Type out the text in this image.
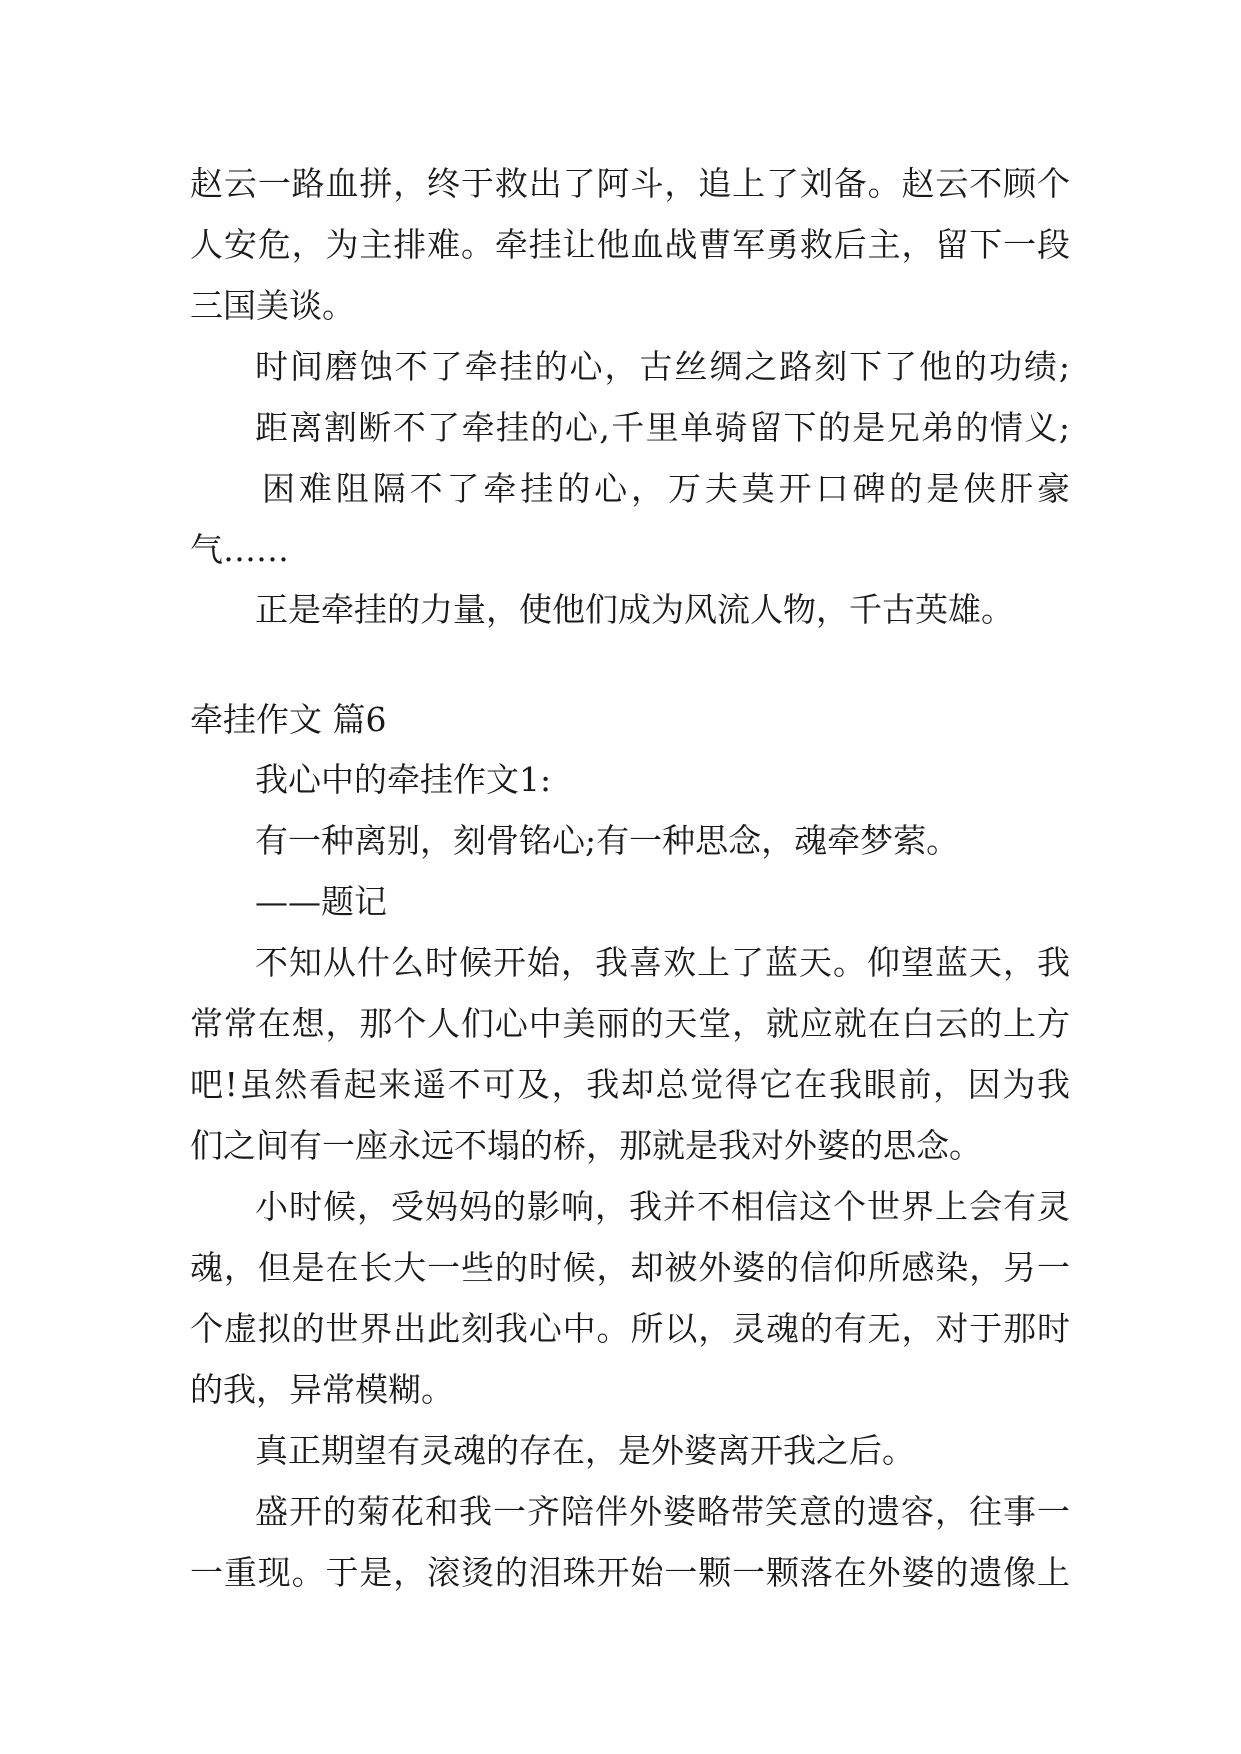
赵云一路血拼，终于救出了阿斗，追上了刘备。赵云不顾个
人安危，为主排难。牵挂让他血战曹军勇救后主，留下一段
三国美谈。
时间磨蚀不了牵挂的心，古丝绸之路刻下了他的功绩;
距离割断不了牵挂的心,千里单骑留下的是兄弟的情义;
困难阻隔不了牵挂的心，万夫莫开口碑的是侠肝豪
气……
正是牵挂的力量，使他们成为风流人物，千古英雄。
牵挂作文 篇6
我心中的牵挂作文1:
有一种离别，刻骨铭心;有一种思念，魂牵梦萦。
——题记
不知从什么时候开始，我喜欢上了蓝天。仰望蓝天，我
常常在想，那个人们心中美丽的天堂，就应就在白云的上方
吧!虽然看起来遥不可及，我却总觉得它在我眼前，因为我
们之间有一座永远不塌的桥，那就是我对外婆的思念。
小时候，受妈妈的影响，我并不相信这个世界上会有灵
魂，但是在长大一些的时候，却被外婆的信仰所感染，另一
个虚拟的世界出此刻我心中。所以，灵魂的有无，对于那时
的我，异常模糊。
真正期望有灵魂的存在，是外婆离开我之后。
盛开的菊花和我一齐陪伴外婆略带笑意的遗容，往事一
一重现。于是，滚烫的泪珠开始一颗一颗落在外婆的遗像上
